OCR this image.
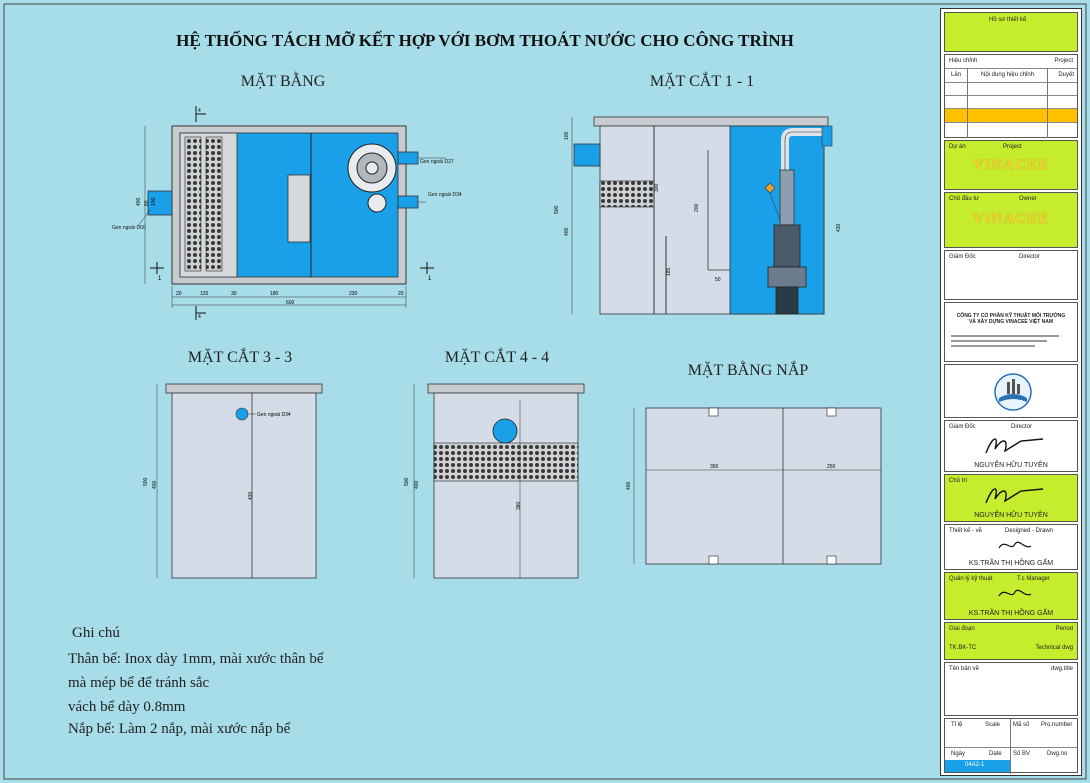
HỆ THỐNG TÁCH MỠ KẾT HỢP VỚI BƠM THOÁT NƯỚC CHO CÔNG TRÌNH
MẶT BẰNG
Gen ngoài D27
Gen ngoài D34
Gen ngoài D60
20	120	30	180	230	20
600
400 100
60
4
4
1	1
MẶT CẮT 1 - 1
500
400
100
300
200
50
185
430
MẶT CẮT 3 - 3
Gen ngoài D34
500 400
430
MẶT CẮT 4 - 4
500 400
380
MẶT BẰNG NẮP
350	250
400
Ghi chú
Thân bể: Inox dày 1mm, mài xước thân bể
mà mép bể để tránh sắc
vách bể dày 0.8mm
Nắp bể: Làm 2 nắp, mài xước nắp bể
Hồ sơ thiết kế
Hiệu chỉnh	Project
Lần	Nội dung hiệu chỉnh	Duyệt
Dự án	Project
VINACEE
Chủ đầu tư	Owner
VINACEE
Giám Đốc	Director
CÔNG TY CỔ PHẦN KỸ THUẬT MÔI TRƯỜNG VÀ XÂY DỰNG VINACEE VIỆT NAM
Giám Đốc	Director
NGUYỄN HỮU TUYÊN
Chủ trì
NGUYỄN HỮU TUYÊN
Thiết kế - vẽ	Designed - Drawn
KS.TRẦN THỊ HỒNG GẤM
Quản lý kỹ thuật	T.c Manager
KS.TRẦN THỊ HỒNG GẤM
Giai đoạn	Period
TK.BK-TC	Technical dwg
Tên bản vẽ	dwg.title
Tỉ lệ	Scale Mã số Pro.number
Ngày	Date Số BV	Dwg.no
04A2-1
